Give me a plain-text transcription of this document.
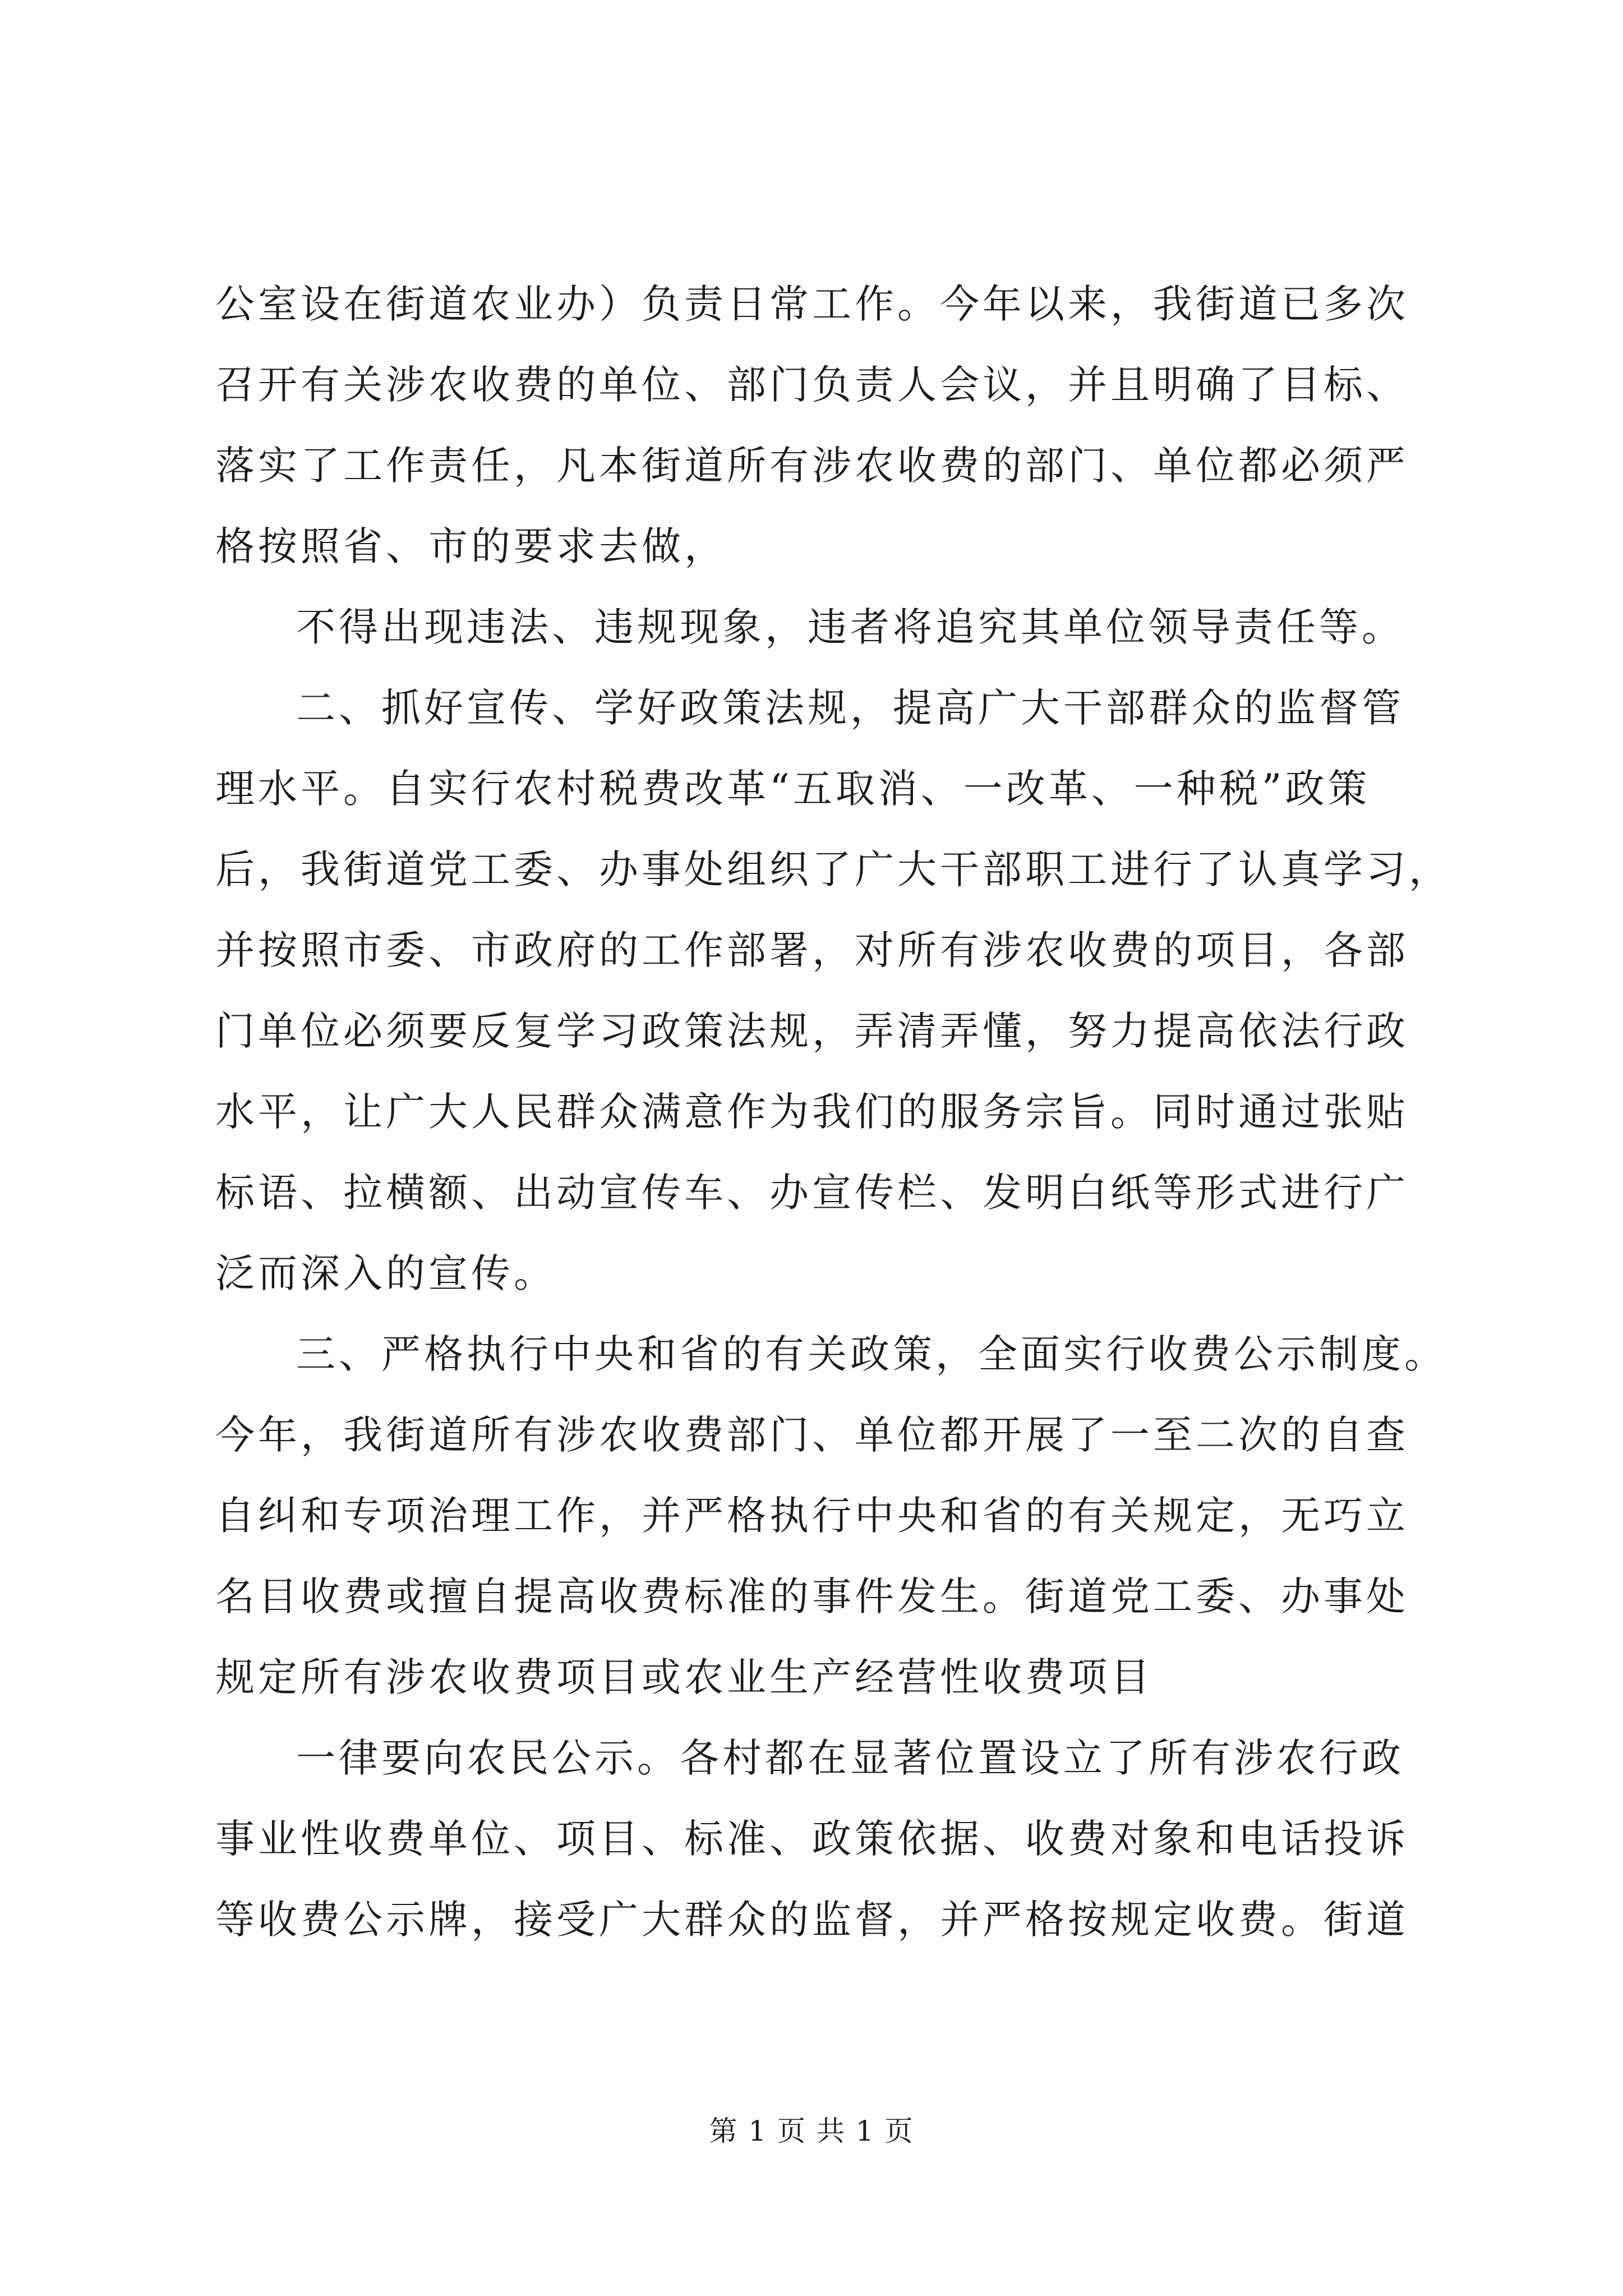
公室设在街道农业办）负责日常工作。今年以来，我街道已多次
召开有关涉农收费的单位、部门负责人会议，并且明确了目标、
落实了工作责任，凡本街道所有涉农收费的部门、单位都必须严
格按照省、市的要求去做，
不得出现违法、违规现象，违者将追究其单位领导责任等。
二、抓好宣传、学好政策法规，提高广大干部群众的监督管
理水平。自实行农村税费改革“五取消、一改革、一种税”政策
后，我街道党工委、办事处组织了广大干部职工进行了认真学习，
并按照市委、市政府的工作部署，对所有涉农收费的项目，各部
门单位必须要反复学习政策法规，弄清弄懂，努力提高依法行政
水平，让广大人民群众满意作为我们的服务宗旨。同时通过张贴
标语、拉横额、出动宣传车、办宣传栏、发明白纸等形式进行广
泛而深入的宣传。
三、严格执行中央和省的有关政策，全面实行收费公示制度。
今年，我街道所有涉农收费部门、单位都开展了一至二次的自查
自纠和专项治理工作，并严格执行中央和省的有关规定，无巧立
名目收费或擅自提高收费标准的事件发生。街道党工委、办事处
规定所有涉农收费项目或农业生产经营性收费项目
一律要向农民公示。各村都在显著位置设立了所有涉农行政
事业性收费单位、项目、标准、政策依据、收费对象和电话投诉
等收费公示牌，接受广大群众的监督，并严格按规定收费。街道
第 1 页 共 1 页
